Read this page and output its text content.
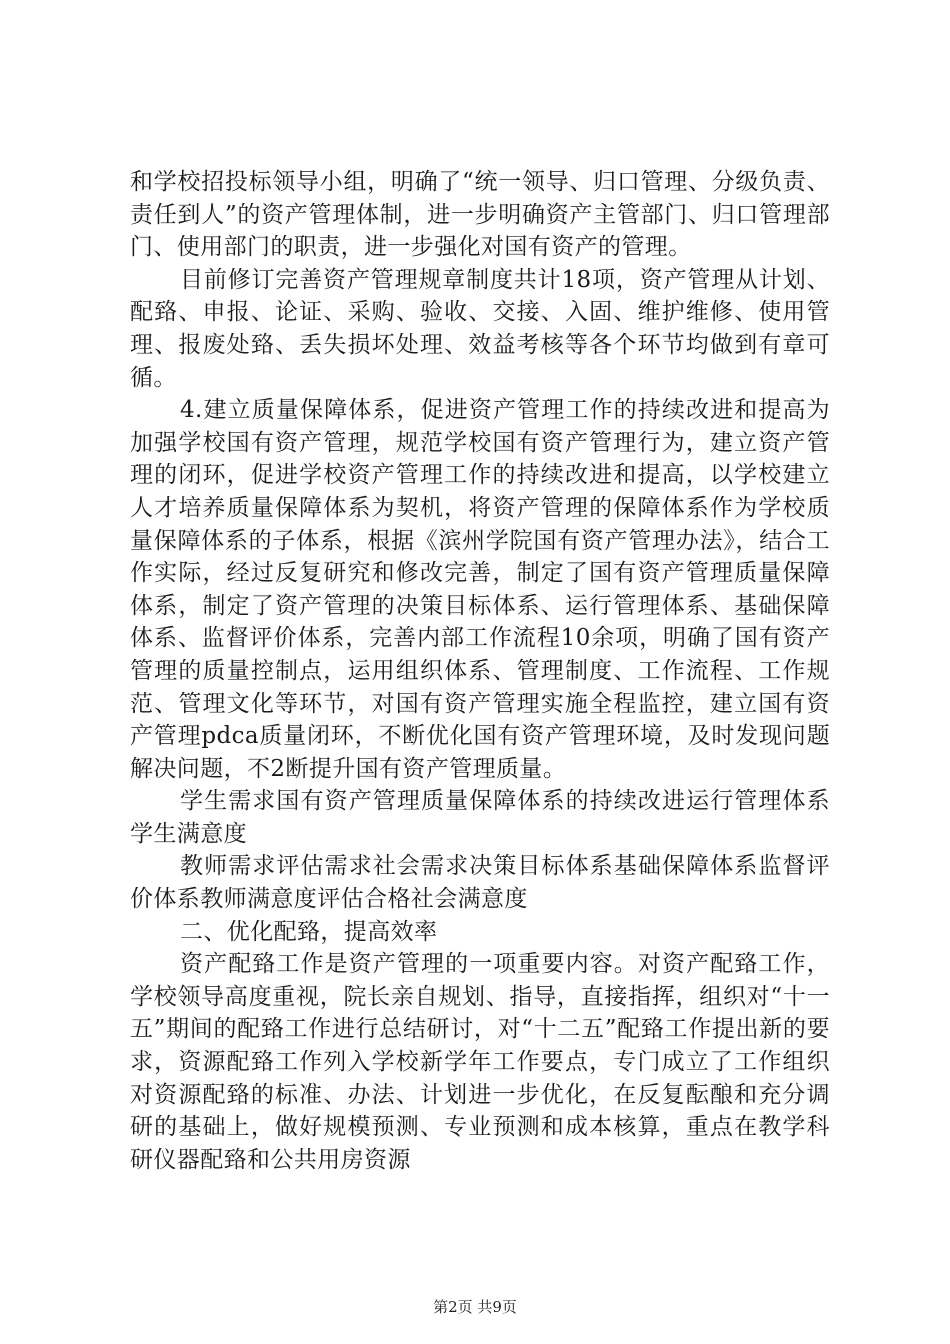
和学校招投标领导小组，明确了“统一领导、归口管理、分级负责、责任到人”的资产管理体制，进一步明确资产主管部门、归口管理部门、使用部门的职责，进一步强化对国有资产的管理。

目前修订完善资产管理规章制度共计18项，资产管理从计划、配臵、申报、论证、采购、验收、交接、入固、维护维修、使用管理、报废处臵、丢失损坏处理、效益考核等各个环节均做到有章可循。

4.建立质量保障体系，促进资产管理工作的持续改进和提高为加强学校国有资产管理，规范学校国有资产管理行为，建立资产管理的闭环，促进学校资产管理工作的持续改进和提高，以学校建立人才培养质量保障体系为契机，将资产管理的保障体系作为学校质量保障体系的子体系，根据《滨州学院国有资产管理办法》，结合工作实际，经过反复研究和修改完善，制定了国有资产管理质量保障体系，制定了资产管理的决策目标体系、运行管理体系、基础保障体系、监督评价体系，完善内部工作流程10余项，明确了国有资产管理的质量控制点，运用组织体系、管理制度、工作流程、工作规范、管理文化等环节，对国有资产管理实施全程监控，建立国有资产管理pdca质量闭环，不断优化国有资产管理环境，及时发现问题解决问题，不2断提升国有资产管理质量。

学生需求国有资产管理质量保障体系的持续改进运行管理体系学生满意度

教师需求评估需求社会需求决策目标体系基础保障体系监督评价体系教师满意度评估合格社会满意度

二、优化配臵，提高效率

资产配臵工作是资产管理的一项重要内容。对资产配臵工作，学校领导高度重视，院长亲自规划、指导，直接指挥，组织对“十一五”期间的配臵工作进行总结研讨，对“十二五”配臵工作提出新的要求，资源配臵工作列入学校新学年工作要点，专门成立了工作组织对资源配臵的标准、办法、计划进一步优化，在反复酝酿和充分调研的基础上，做好规模预测、专业预测和成本核算，重点在教学科研仪器配臵和公共用房资源

第2页 共9页
